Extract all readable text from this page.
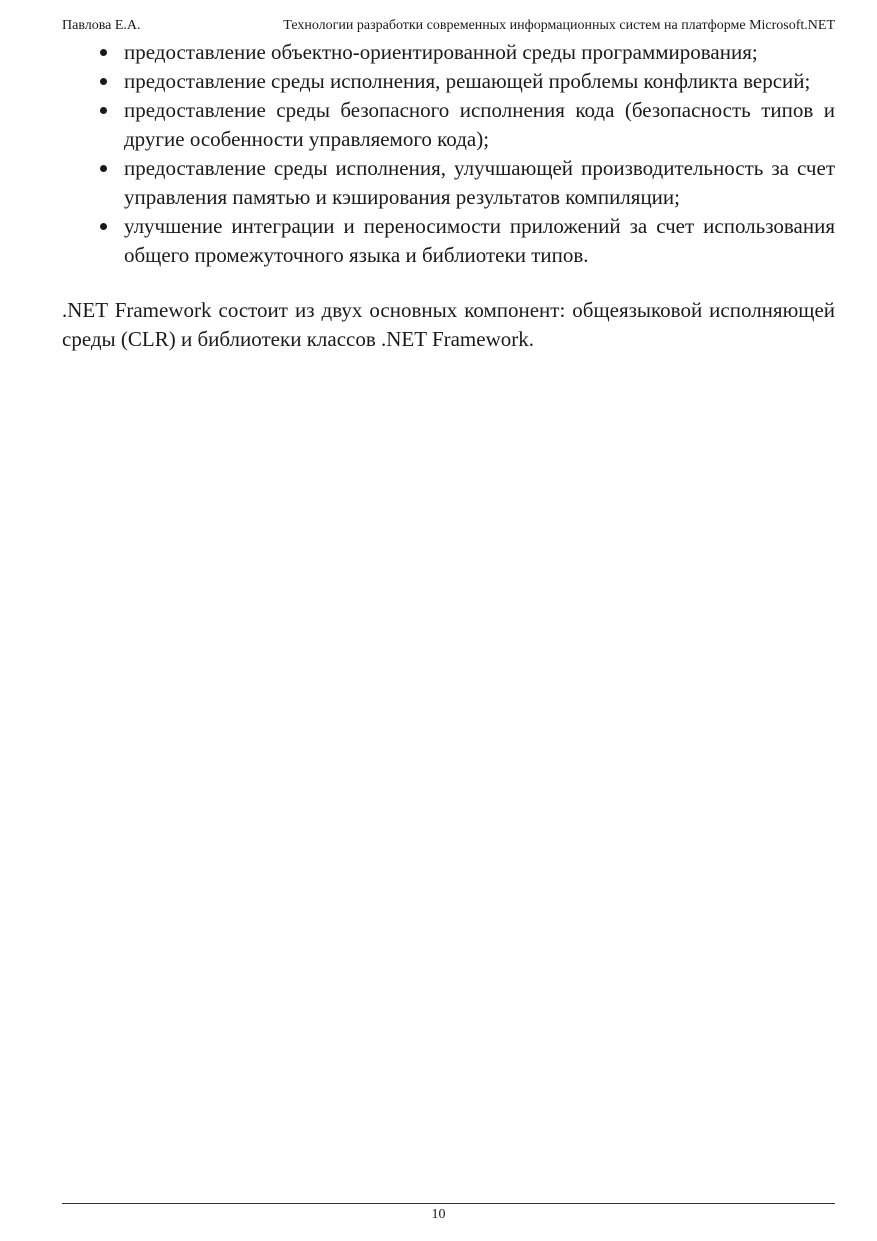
Павлова Е.А.	Технологии разработки современных информационных систем на платформе Microsoft.NET
предоставление объектно-ориентированной среды программирования;
предоставление среды исполнения, решающей проблемы конфликта версий;
предоставление среды безопасного исполнения кода (безопасность типов и другие особенности управляемого кода);
предоставление среды исполнения, улучшающей производительность за счет управления памятью и кэширования результатов компиляции;
улучшение интеграции и переносимости приложений за счет использования общего промежуточного языка и библиотеки типов.

.NET Framework состоит из двух основных компонент: общеязыковой исполняющей среды (CLR) и библиотеки классов .NET Framework.

10
